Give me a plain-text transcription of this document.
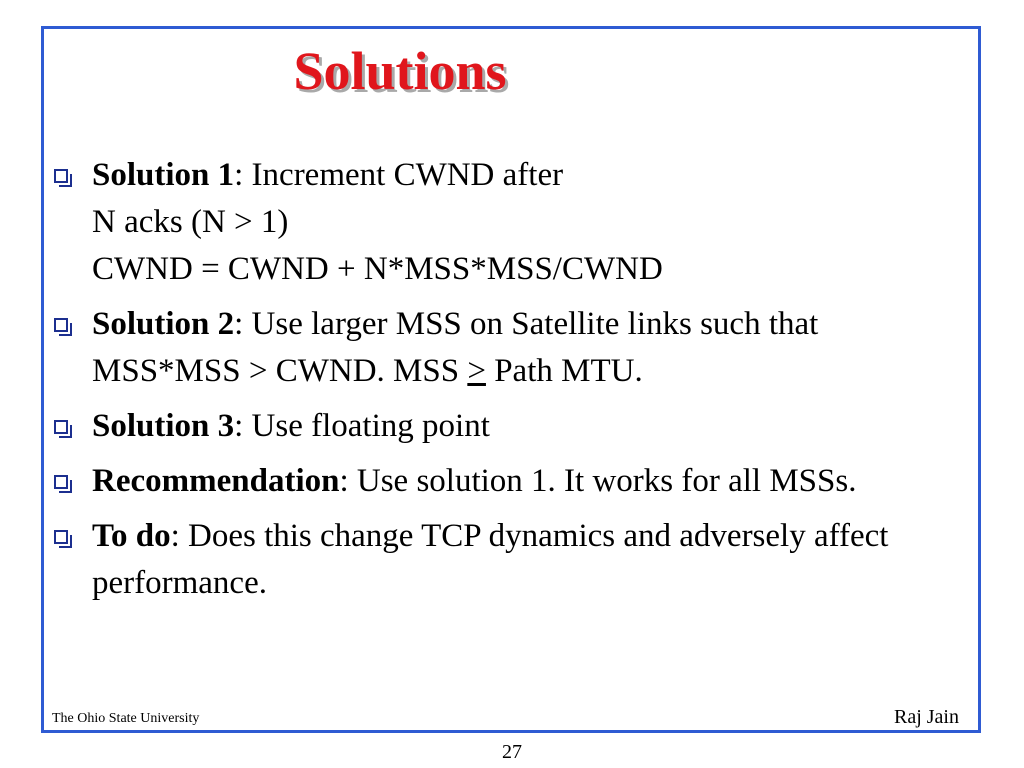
Solutions
Solution 1: Increment CWND after
N acks (N > 1)
CWND = CWND + N*MSS*MSS/CWND
Solution 2: Use larger MSS on Satellite links such that MSS*MSS > CWND. MSS > Path MTU.
Solution 3: Use floating point
Recommendation: Use solution 1. It works for all MSSs.
To do: Does this change TCP dynamics and adversely affect performance.
The Ohio State University	Raj Jain
27
